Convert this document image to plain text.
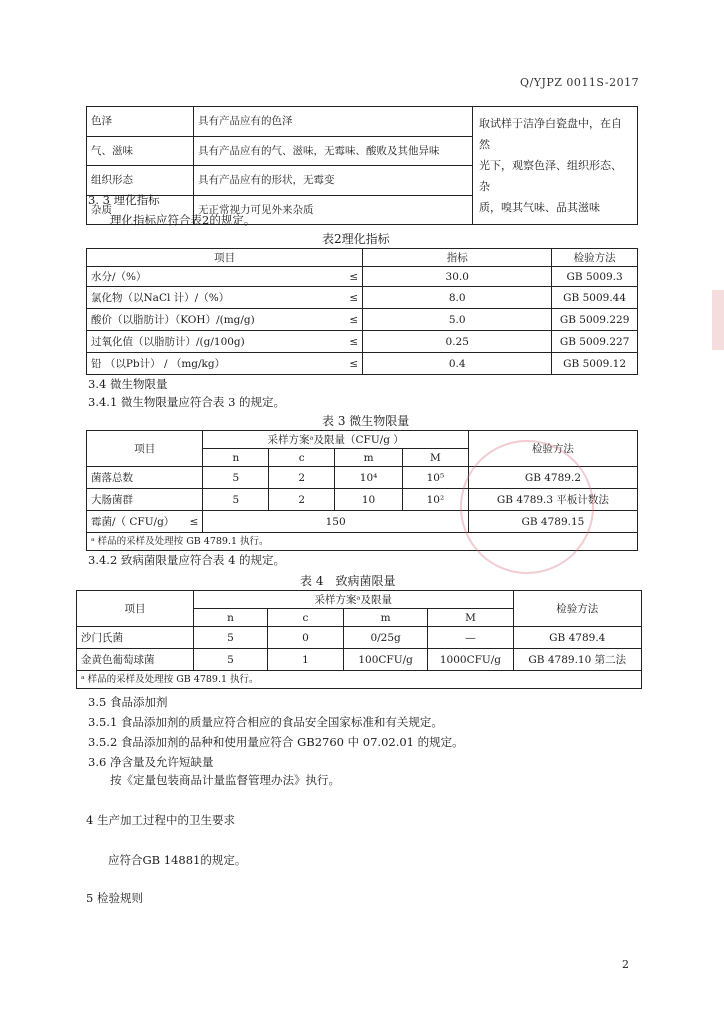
Q/YJPZ 0011S-2017
色泽	具有产品应有的色泽	取试样于洁净白瓷盘中，在自然
光下，观察色泽、组织形态、杂
质，嗅其气味、品其滋味

气、滋味	具有产品应有的气、滋味，无霉味、酸败及其他异味	
组织形态	具有产品应有的形状，无霉变	
杂质	无正常视力可见外来杂质	
3. 3 理化指标
理化指标应符合表2的规定。
表2理化指标
项目		指标	检验方法
水分/（%）	≤	30.0	GB 5009.3
氯化物（以NaCl 计）/（%）	≤	8.0	GB 5009.44
酸价（以脂肪计）（KOH）/(mg/g)	≤	5.0	GB 5009.229
过氧化值（以脂肪计）/(g/100g)	≤	0.25	GB 5009.227
铅 （以Pb计） / （mg/kg）	≤	0.4	GB 5009.12
3.4 微生物限量
3.4.1 微生物限量应符合表 3 的规定。
表 3 微生物限量
项目	采样方案ᵃ及限量（CFU/g ）				检验方法
	n	c	m	M	
菌落总数	5	2	10⁴	10⁵	GB 4789.2
大肠菌群	5	2	10	10²	GB 4789.3 平板计数法
霉菌/（ CFU/g） ≤	150				GB 4789.15
ᵃ 样品的采样及处理按 GB 4789.1 执行。					
3.4.2 致病菌限量应符合表 4 的规定。
表 4　致病菌限量
项目	采样方案ᵃ及限量				检验方法
	n	c	m	M	
沙门氏菌	5	0	0/25g	—	GB 4789.4
金黄色葡萄球菌	5	1	100CFU/g	1000CFU/g	GB 4789.10 第二法
ᵃ 样品的采样及处理按 GB 4789.1 执行。					
3.5 食品添加剂
3.5.1 食品添加剂的质量应符合相应的食品安全国家标准和有关规定。
3.5.2 食品添加剂的品种和使用量应符合 GB2760 中 07.02.01 的规定。
3.6 净含量及允许短缺量
按《定量包装商品计量监督管理办法》执行。
4 生产加工过程中的卫生要求
应符合GB 14881的规定。
5 检验规则
2
